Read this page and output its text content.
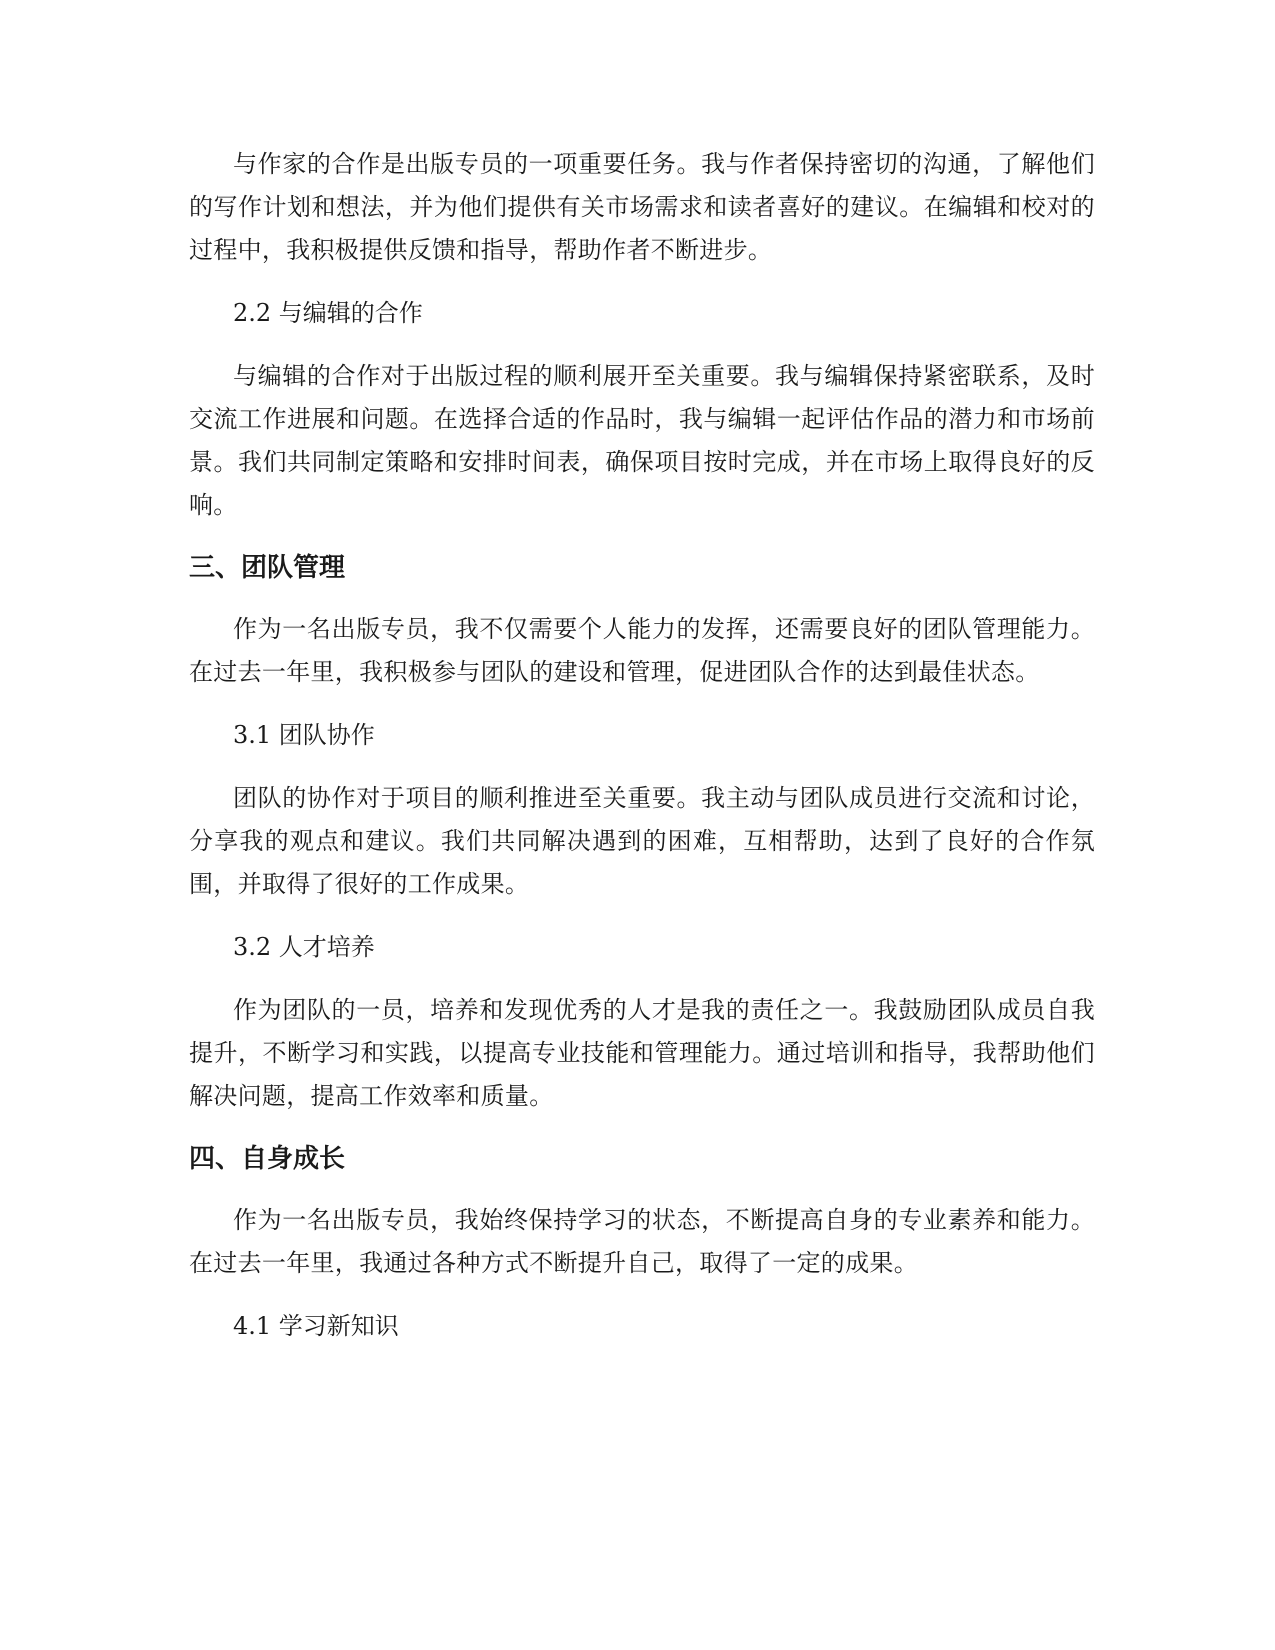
与作家的合作是出版专员的一项重要任务。我与作者保持密切的沟通，了解他们的写作计划和想法，并为他们提供有关市场需求和读者喜好的建议。在编辑和校对的过程中，我积极提供反馈和指导，帮助作者不断进步。

2.2 与编辑的合作

与编辑的合作对于出版过程的顺利展开至关重要。我与编辑保持紧密联系，及时交流工作进展和问题。在选择合适的作品时，我与编辑一起评估作品的潜力和市场前景。我们共同制定策略和安排时间表，确保项目按时完成，并在市场上取得良好的反响。

三、团队管理

作为一名出版专员，我不仅需要个人能力的发挥，还需要良好的团队管理能力。在过去一年里，我积极参与团队的建设和管理，促进团队合作的达到最佳状态。

3.1 团队协作

团队的协作对于项目的顺利推进至关重要。我主动与团队成员进行交流和讨论，分享我的观点和建议。我们共同解决遇到的困难，互相帮助，达到了良好的合作氛围，并取得了很好的工作成果。

3.2 人才培养

作为团队的一员，培养和发现优秀的人才是我的责任之一。我鼓励团队成员自我提升，不断学习和实践，以提高专业技能和管理能力。通过培训和指导，我帮助他们解决问题，提高工作效率和质量。

四、自身成长

作为一名出版专员，我始终保持学习的状态，不断提高自身的专业素养和能力。在过去一年里，我通过各种方式不断提升自己，取得了一定的成果。

4.1 学习新知识
